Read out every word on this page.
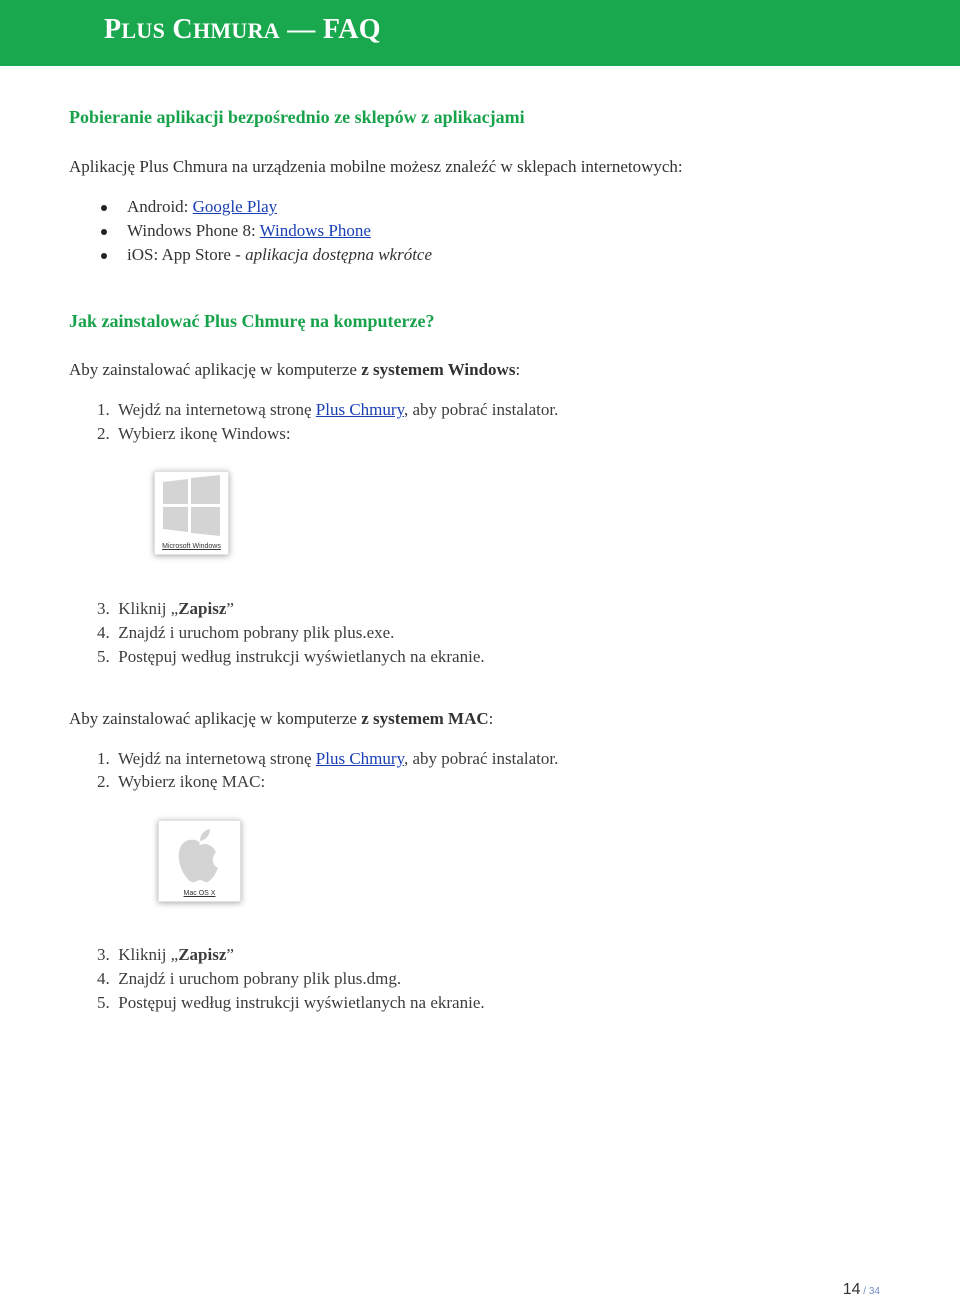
PLUS CHMURA — FAQ
Pobieranie aplikacji bezpośrednio ze sklepów z aplikacjami
Aplikację Plus Chmura na urządzenia mobilne możesz znaleźć w sklepach internetowych:
Android: Google Play
Windows Phone 8: Windows Phone
iOS: App Store - aplikacja dostępna wkrótce
Jak zainstalować Plus Chmurę na komputerze?
Aby zainstalować aplikację w komputerze z systemem Windows:
1. Wejdź na internetową stronę Plus Chmury, aby pobrać instalator.
2. Wybierz ikonę Windows:
Microsoft Windows
3. Kliknij „Zapisz”
4. Znajdź i uruchom pobrany plik plus.exe.
5. Postępuj według instrukcji wyświetlanych na ekranie.
Aby zainstalować aplikację w komputerze z systemem MAC:
1. Wejdź na internetową stronę Plus Chmury, aby pobrać instalator.
2. Wybierz ikonę MAC:
Mac OS X
3. Kliknij „Zapisz”
4. Znajdź i uruchom pobrany plik plus.dmg.
5. Postępuj według instrukcji wyświetlanych na ekranie.
14 / 34
